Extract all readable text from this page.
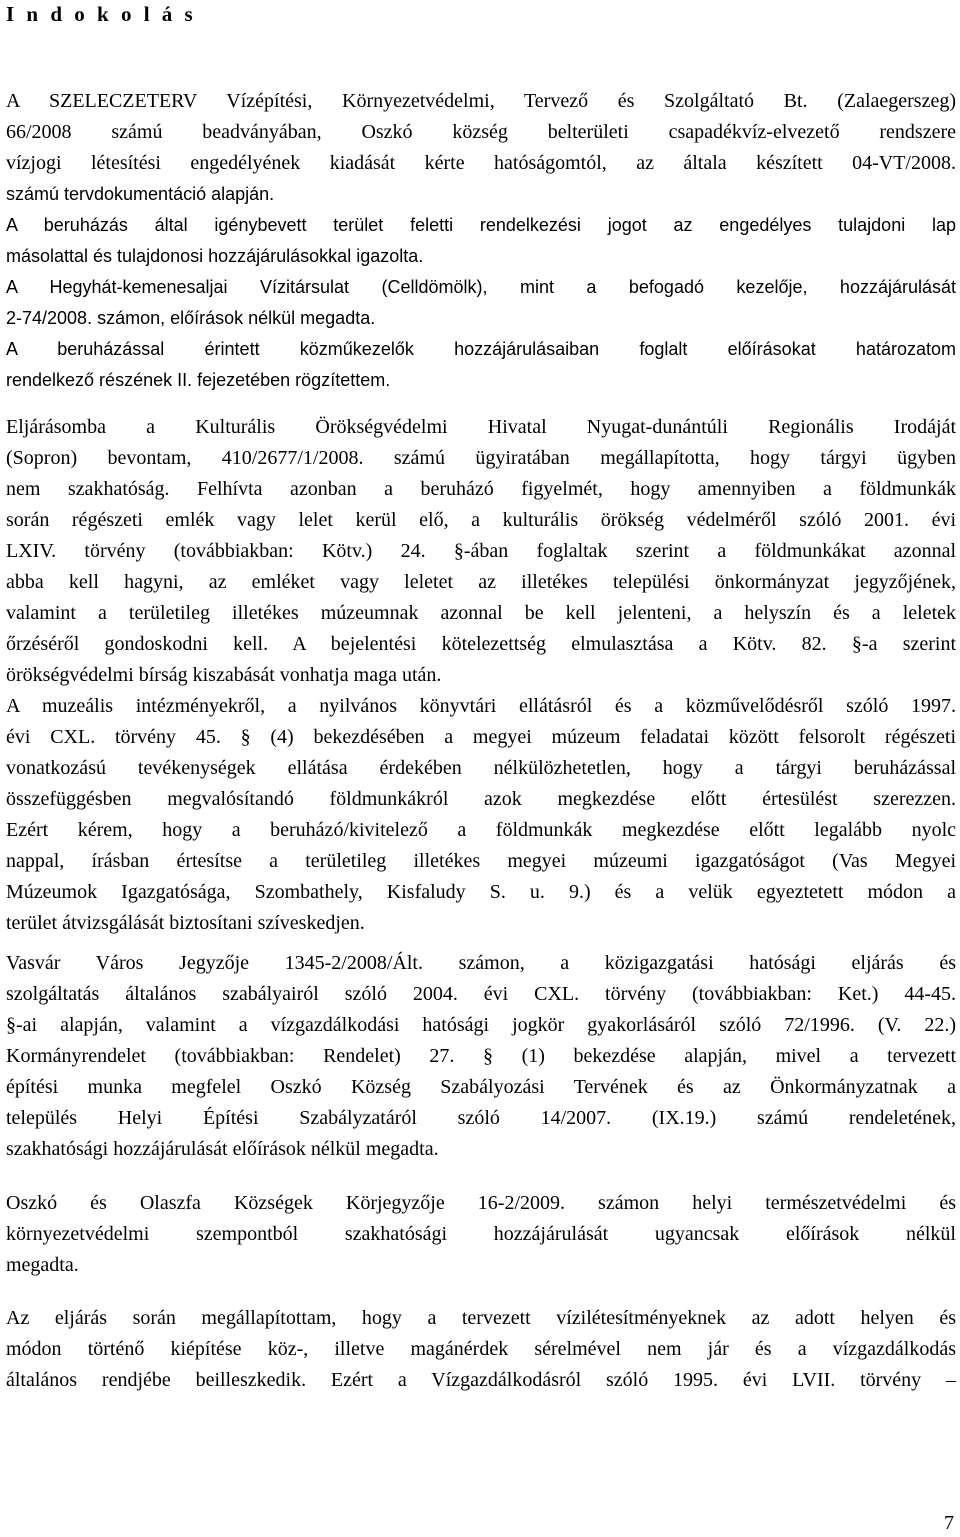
I n d o k o l á s
A SZELECZETERV Vízépítési, Környezetvédelmi, Tervező és Szolgáltató Bt. (Zalaegerszeg)
66/2008 számú beadványában, Oszkó község belterületi csapadékvíz-elvezető rendszere
vízjogi létesítési engedélyének kiadását kérte hatóságomtól, az általa készített 04-VT/2008.
számú tervdokumentáció alapján.
A beruházás által igénybevett terület feletti rendelkezési jogot az engedélyes tulajdoni lap
másolattal és tulajdonosi hozzájárulásokkal igazolta.
A Hegyhát-kemenesaljai Vízitársulat (Celldömölk), mint a befogadó kezelője, hozzájárulását
2-74/2008. számon, előírások nélkül megadta.
A beruházással érintett közműkezelők hozzájárulásaiban foglalt előírásokat határozatom
rendelkező részének II. fejezetében rögzítettem.
Eljárásomba a Kulturális Örökségvédelmi Hivatal Nyugat-dunántúli Regionális Irodáját
(Sopron) bevontam, 410/2677/1/2008. számú ügyiratában megállapította, hogy tárgyi ügyben
nem szakhatóság. Felhívta azonban a beruházó figyelmét, hogy amennyiben a földmunkák
során régészeti emlék vagy lelet kerül elő, a kulturális örökség védelméről szóló 2001. évi
LXIV. törvény (továbbiakban: Kötv.) 24. §-ában foglaltak szerint a földmunkákat azonnal
abba kell hagyni, az emléket vagy leletet az illetékes települési önkormányzat jegyzőjének,
valamint a területileg illetékes múzeumnak azonnal be kell jelenteni, a helyszín és a leletek
őrzéséről gondoskodni kell. A bejelentési kötelezettség elmulasztása a Kötv. 82. §-a szerint
örökségvédelmi bírság kiszabását vonhatja maga után.
A muzeális intézményekről, a nyilvános könyvtári ellátásról és a közművelődésről szóló 1997.
évi CXL. törvény 45. § (4) bekezdésében a megyei múzeum feladatai között felsorolt régészeti
vonatkozású tevékenységek ellátása érdekében nélkülözhetetlen, hogy a tárgyi beruházással
összefüggésben megvalósítandó földmunkákról azok megkezdése előtt értesülést szerezzen.
Ezért kérem, hogy a beruházó/kivitelező a földmunkák megkezdése előtt legalább nyolc
nappal, írásban értesítse a területileg illetékes megyei múzeumi igazgatóságot (Vas Megyei
Múzeumok Igazgatósága, Szombathely, Kisfaludy S. u. 9.) és a velük egyeztetett módon a
terület átvizsgálását biztosítani szíveskedjen.
Vasvár Város Jegyzője 1345-2/2008/Ált. számon, a közigazgatási hatósági eljárás és
szolgáltatás általános szabályairól szóló 2004. évi CXL. törvény (továbbiakban: Ket.) 44-45.
§-ai alapján, valamint a vízgazdálkodási hatósági jogkör gyakorlásáról szóló 72/1996. (V. 22.)
Kormányrendelet (továbbiakban: Rendelet) 27. § (1) bekezdése alapján, mivel a tervezett
építési munka megfelel Oszkó Község Szabályozási Tervének és az Önkormányzatnak a
település Helyi Építési Szabályzatáról szóló 14/2007. (IX.19.) számú rendeletének,
szakhatósági hozzájárulását előírások nélkül megadta.
Oszkó és Olaszfa Községek Körjegyzője 16-2/2009. számon helyi természetvédelmi és
környezetvédelmi szempontból szakhatósági hozzájárulását ugyancsak előírások nélkül
megadta.
Az eljárás során megállapítottam, hogy a tervezett vízilétesítményeknek az adott helyen és
módon történő kiépítése köz-, illetve magánérdek sérelmével nem jár és a vízgazdálkodás
általános rendjébe beilleszkedik. Ezért a Vízgazdálkodásról szóló 1995. évi LVII. törvény –
7
